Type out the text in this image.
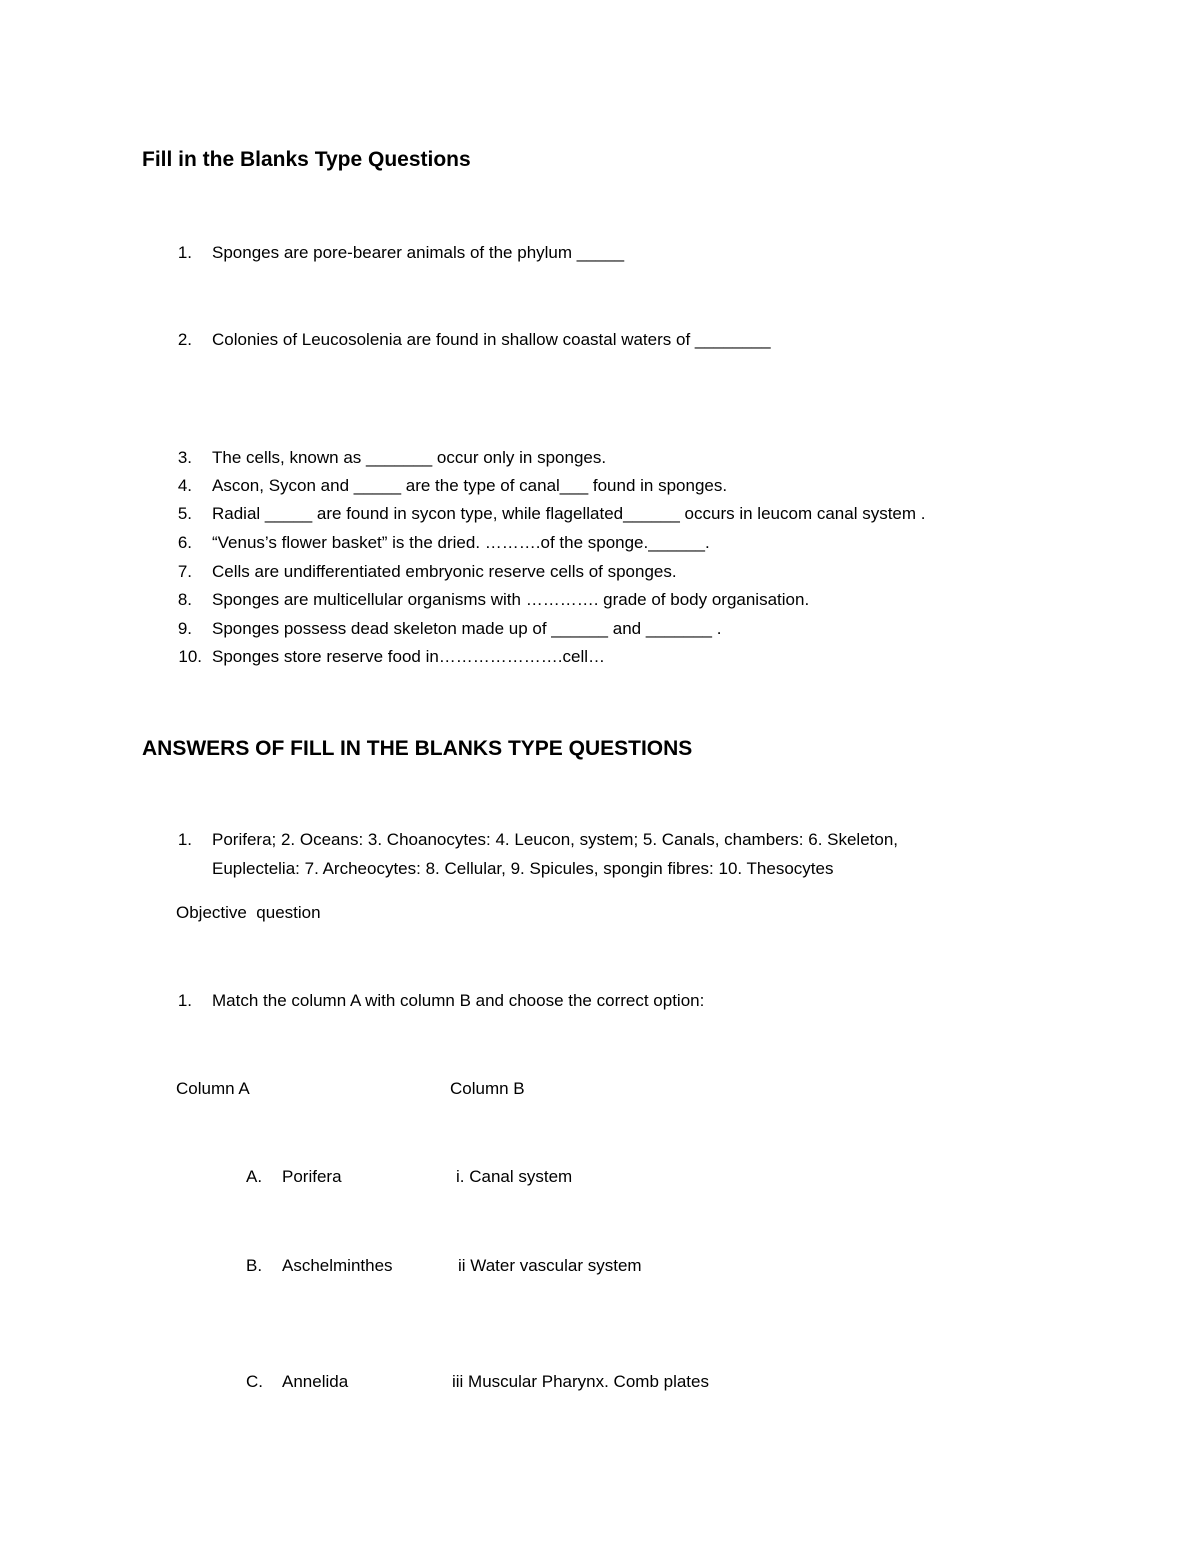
Fill in the Blanks Type Questions
1. Sponges are pore-bearer animals of the phylum _____
2. Colonies of Leucosolenia are found in shallow coastal waters of ________
3. The cells, known as _______ occur only in sponges.
4. Ascon, Sycon and _____ are the type of canal___ found in sponges.
5. Radial _____ are found in sycon type, while flagellated______ occurs in leucom canal system .
6. “Venus’s flower basket” is the dried. ……….of the sponge.______.
7. Cells are undifferentiated embryonic reserve cells of sponges.
8. Sponges are multicellular organisms with …………. grade of body organisation.
9. Sponges possess dead skeleton made up of ______ and _______ .
10. Sponges store reserve food in………………….cell…
ANSWERS OF FILL IN THE BLANKS TYPE QUESTIONS
1. Porifera; 2. Oceans: 3. Choanocytes: 4. Leucon, system; 5. Canals, chambers: 6. Skeleton,
Euplectelia: 7. Archeocytes: 8. Cellular, 9. Spicules, spongin fibres: 10. Thesocytes
Objective  question
1. Match the column A with column B and choose the correct option:
Column A	Column B
A. Porifera	i. Canal system
B. Aschelminthes	ii Water vascular system
C. Annelida	iii Muscular Pharynx. Comb plates
